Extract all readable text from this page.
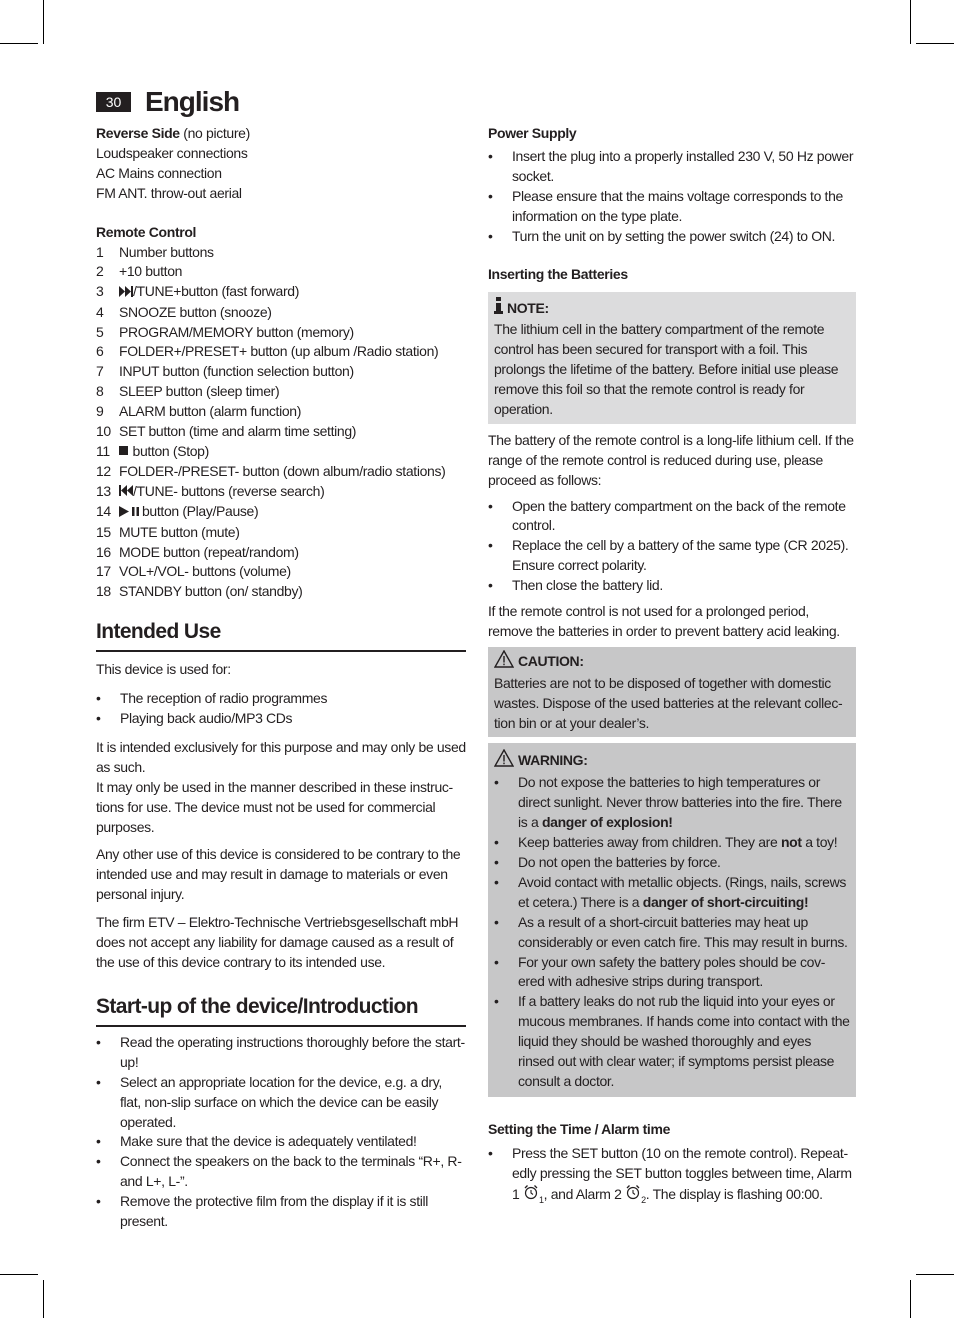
30 English

Reverse Side (no picture)

Loudspeaker connections

AC Mains connection

FM ANT. throw-out aerial

Remote Control

1	Number buttons
2	+10 button
3	/TUNE+button (fast forward)
4	SNOOZE button (snooze)
5	PROGRAM/MEMORY button (memory)
6	FOLDER+/PRESET+ button (up album /Radio station)
7	INPUT button (function selection button)
8	SLEEP button (sleep timer)
9	ALARM button (alarm function)
10 SET button (time and alarm time setting)
11	button (Stop)
12 FOLDER-/PRESET- button (down album/radio stations)
13	/TUNE- buttons (reverse search)
14	button (Play/Pause)
15 MUTE button (mute)
16 MODE button (repeat/random)
17 VOL+/VOL- buttons (volume)
18 STANDBY button (on/ standby)
Intended Use

This device is used for:

• The reception of radio programmes
• Playing back audio/MP3 CDs

It is intended exclusively for this purpose and may only be used as such.

It may only be used in the manner described in these instruc-tions for use. The device must not be used for commercial purposes.

Any other use of this device is considered to be contrary to the intended use and may result in damage to materials or even personal injury.

The firm ETV – Elektro-Technische Vertriebsgesellschaft mbH does not accept any liability for damage caused as a result of the use of this device contrary to its intended use.

Start-up of the device/Introduction
• Read the operating instructions thoroughly before the start-up!
• Select an appropriate location for the device, e.g. a dry, flat, non-slip surface on which the device can be easily operated.
• Make sure that the device is adequately ventilated!
• Connect the speakers on the back to the terminals “R+, R- and L+, L-”.
• Remove the protective film from the display if it is still present.

Power Supply

• Insert the plug into a properly installed 230 V, 50 Hz power socket.
• Please ensure that the mains voltage corresponds to the information on the type plate.
• Turn the unit on by setting the power switch (24) to ON.

Inserting the Batteries

NOTE:

The lithium cell in the battery compartment of the remote control has been secured for transport with a foil. This prolongs the lifetime of the battery. Before initial use please remove this foil so that the remote control is ready for operation.

The battery of the remote control is a long-life lithium cell. If the range of the remote control is reduced during use, please proceed as follows:

• Open the battery compartment on the back of the remote control.
• Replace the cell by a battery of the same type (CR 2025). Ensure correct polarity.
• Then close the battery lid.

If the remote control is not used for a prolonged period, remove the batteries in order to prevent battery acid leaking.

CAUTION:

Batteries are not to be disposed of together with domestic wastes. Dispose of the used batteries at the relevant collec-tion bin or at your dealer’s.

WARNING:
• Do not expose the batteries to high temperatures or direct sunlight. Never throw batteries into the fire. There is a danger of explosion!
• Keep batteries away from children. They are not a toy!
• Do not open the batteries by force.
• Avoid contact with metallic objects. (Rings, nails, screws et cetera.) There is a danger of short-circuiting!
• As a result of a short-circuit batteries may heat up considerably or even catch fire. This may result in burns.
• For your own safety the battery poles should be cov-ered with adhesive strips during transport.
• If a battery leaks do not rub the liquid into your eyes or mucous membranes. If hands come into contact with the liquid they should be washed thoroughly and eyes rinsed out with clear water; if symptoms persist please consult a doctor.

Setting the Time / Alarm time

• Press the SET button (10 on the remote control). Repeat-edly pressing the SET button toggles between time, Alarm 1 $_1$, and Alarm 2 $_2$. The display is flashing 00:00.
